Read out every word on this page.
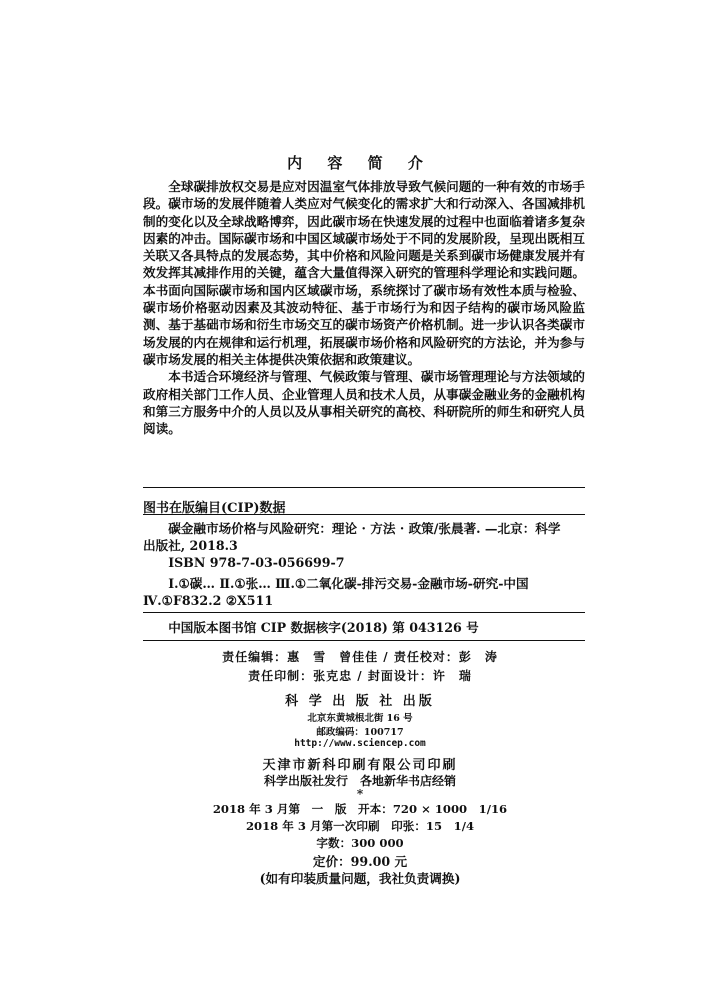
内 容 简 介

全球碳排放权交易是应对因温室气体排放导致气候问题的一种有效的市场手段。碳市场的发展伴随着人类应对气候变化的需求扩大和行动深入、各国减排机制的变化以及全球战略博弈，因此碳市场在快速发展的过程中也面临着诸多复杂因素的冲击。国际碳市场和中国区域碳市场处于不同的发展阶段，呈现出既相互关联又各具特点的发展态势，其中价格和风险问题是关系到碳市场健康发展并有效发挥其减排作用的关键，蕴含大量值得深入研究的管理科学理论和实践问题。本书面向国际碳市场和国内区域碳市场，系统探讨了碳市场有效性本质与检验、碳市场价格驱动因素及其波动特征、基于市场行为和因子结构的碳市场风险监测、基于基础市场和衍生市场交互的碳市场资产价格机制。进一步认识各类碳市场发展的内在规律和运行机理，拓展碳市场价格和风险研究的方法论，并为参与碳市场发展的相关主体提供决策依据和政策建议。

本书适合环境经济与管理、气候政策与管理、碳市场管理理论与方法领域的政府相关部门工作人员、企业管理人员和技术人员，从事碳金融业务的金融机构和第三方服务中介的人员以及从事相关研究的高校、科研院所的师生和研究人员阅读。

图书在版编目(CIP)数据
碳金融市场价格与风险研究：理论 · 方法 · 政策/张晨著. —北京：科学
出版社, 2018.3
ISBN 978-7-03-056699-7
Ⅰ.①碳… Ⅱ.①张… Ⅲ.①二氧化碳-排污交易-金融市场-研究-中国
Ⅳ.①F832.2 ②X511
中国版本图书馆 CIP 数据核字(2018) 第 043126 号
责任编辑：惠　雪　曾佳佳 / 责任校对：彭　涛
责任印制：张克忠 / 封面设计：许　瑞
科 学 出 版 社 出版
北京东黄城根北街 16 号
邮政编码：100717
http://www.sciencep.com
天津市新科印刷有限公司印刷
科学出版社发行　各地新华书店经销
*
2018 年 3 月第　一　版　开本：720 × 1000　1/16
2018 年 3 月第一次印刷　印张：15　1/4
字数：300 000
定价：99.00 元
(如有印装质量问题，我社负责调换)
